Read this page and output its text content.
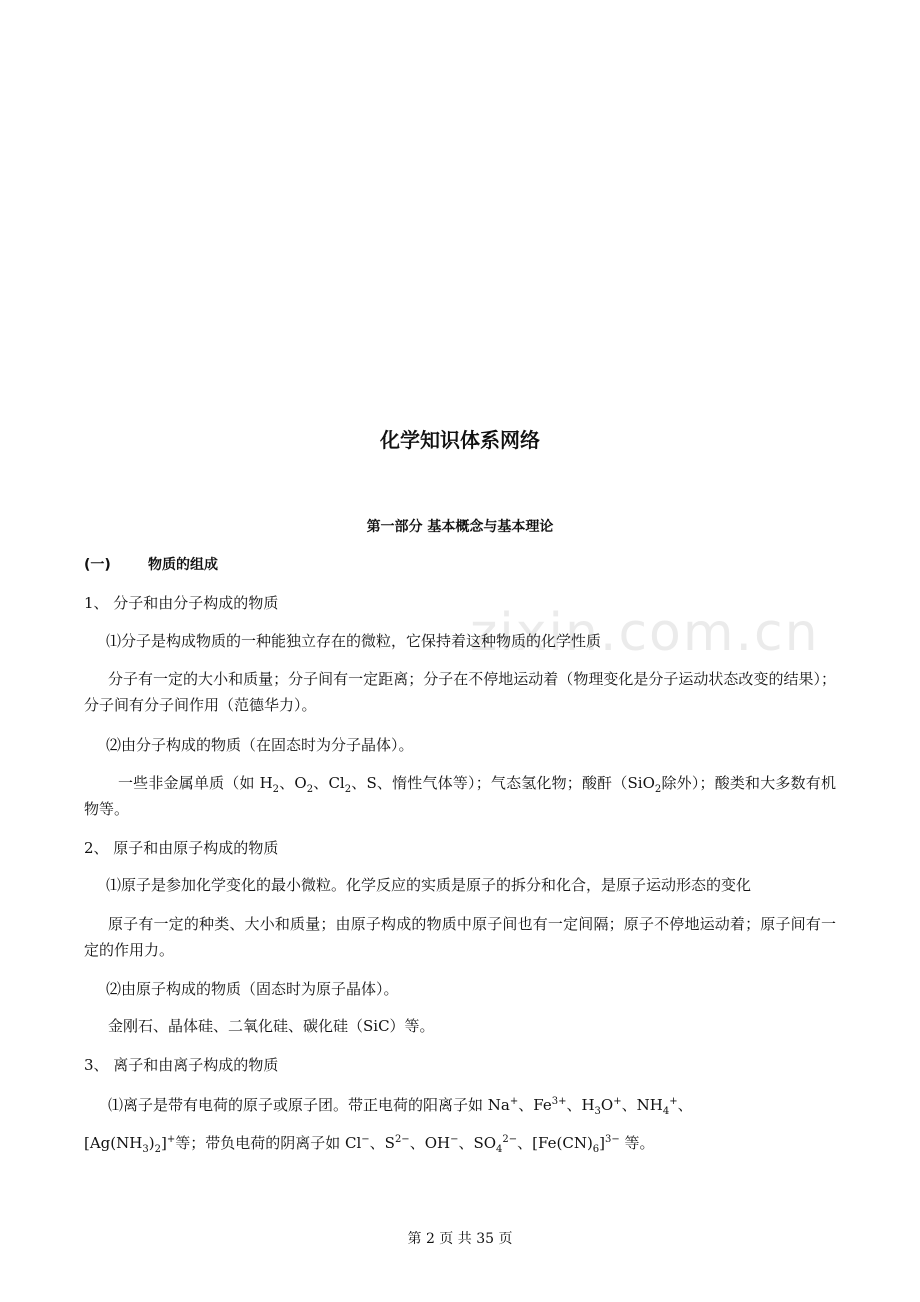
zixin.com.cn
化学知识体系网络
第一部分 基本概念与基本理论
(一)	物质的组成
1、 分子和由分子构成的物质
⑴分子是构成物质的一种能独立存在的微粒，它保持着这种物质的化学性质
分子有一定的大小和质量；分子间有一定距离；分子在不停地运动着（物理变化是分子运动状态改变的结果）；分子间有分子间作用（范德华力）。
⑵由分子构成的物质（在固态时为分子晶体）。
一些非金属单质（如 $H_2$、$O_2$、$Cl_2$、S、惰性气体等）；气态氢化物；酸酐（SiO$_2$除外）；酸类和大多数有机物等。
2、 原子和由原子构成的物质
⑴原子是参加化学变化的最小微粒。化学反应的实质是原子的拆分和化合，是原子运动形态的变化
原子有一定的种类、大小和质量；由原子构成的物质中原子间也有一定间隔；原子不停地运动着；原子间有一定的作用力。
⑵由原子构成的物质（固态时为原子晶体）。
金刚石、晶体硅、二氧化硅、碳化硅（SiC）等。
3、 离子和由离子构成的物质
⑴离子是带有电荷的原子或原子团。带正电荷的阳离子如 Na+、$Fe^{3+}$、$H_3O^+$、$NH_4^+$、
$[Ag(NH_3)_2]^+$等；带负电荷的阴离子如 Cl−、$S^{2-}$、OH−、$SO_4^{2-}$、$[Fe(CN)_6]^{3-}$ 等。
第 2 页 共 35 页
